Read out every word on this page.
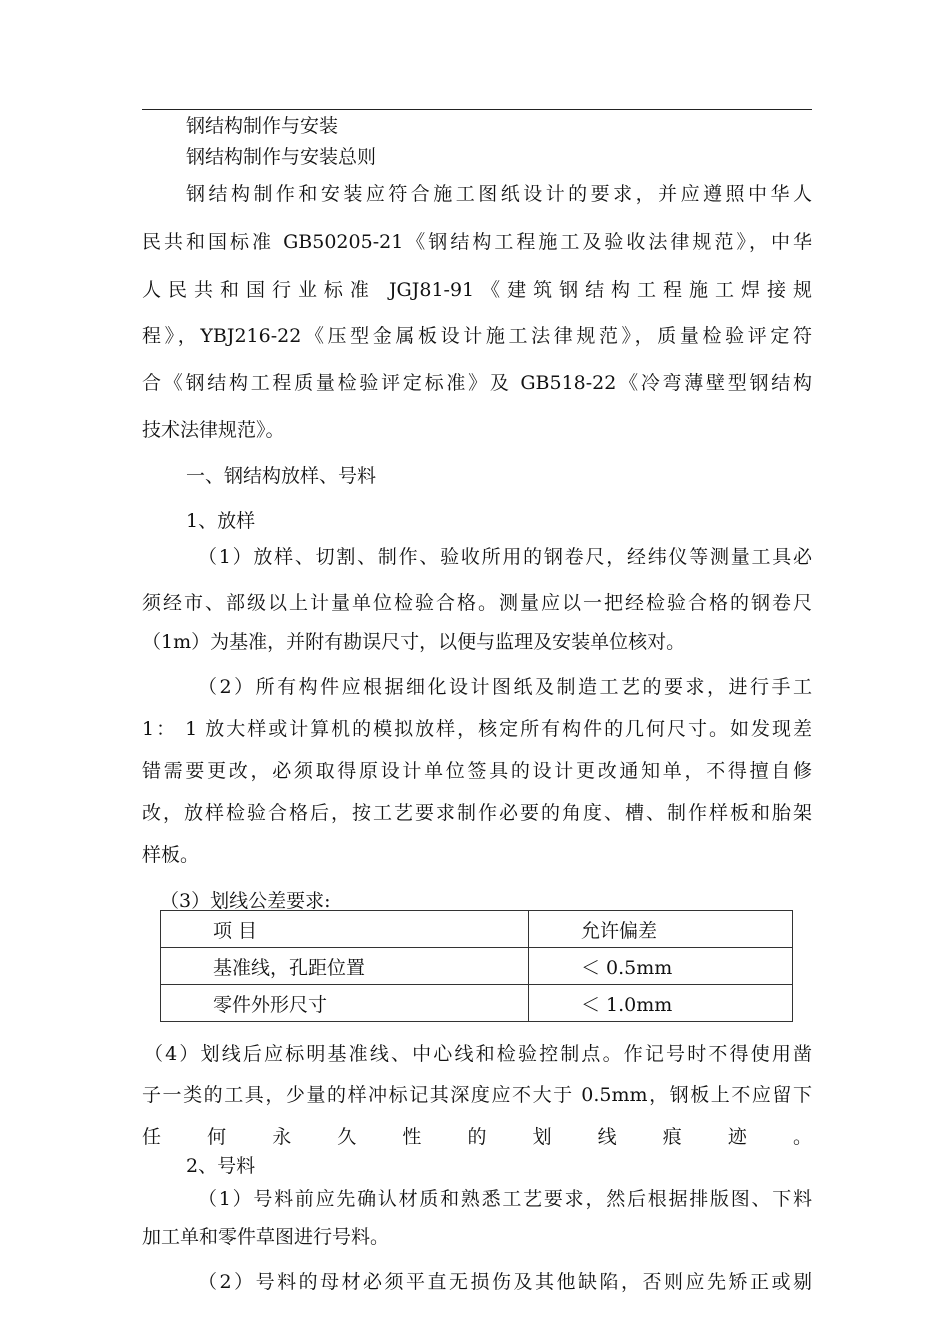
钢结构制作与安装
钢结构制作与安装总则
钢结构制作和安装应符合施工图纸设计的要求，并应遵照中华人
民共和国标准 GB50205-21《钢结构工程施工及验收法律规范》，中华
人民共和国行业标准 JGJ81-91《建筑钢结构工程施工焊接规
程》，YBJ216-22《压型金属板设计施工法律规范》，质量检验评定符
合《钢结构工程质量检验评定标准》及 GB518-22《冷弯薄壁型钢结构
技术法律规范》。
一、钢结构放样、号料
1、放样
（1）放样、切割、制作、验收所用的钢卷尺，经纬仪等测量工具必
须经市、部级以上计量单位检验合格。测量应以一把经检验合格的钢卷尺
（1m）为基准，并附有勘误尺寸，以便与监理及安装单位核对。
（2）所有构件应根据细化设计图纸及制造工艺的要求，进行手工
1： 1 放大样或计算机的模拟放样，核定所有构件的几何尺寸。如发现差
错需要更改，必须取得原设计单位签具的设计更改通知单，不得擅自修
改，放样检验合格后，按工艺要求制作必要的角度、槽、制作样板和胎架
样板。
（3）划线公差要求:
项 目	允许偏差
基准线，孔距位置	＜ 0.5mm
零件外形尺寸	＜ 1.0mm
（4）划线后应标明基准线、中心线和检验控制点。作记号时不得使用凿
子一类的工具，少量的样冲标记其深度应不大于 0.5mm，钢板上不应留下
任 何 永 久 性 的 划 线 痕 迹 。
2、号料
（1）号料前应先确认材质和熟悉工艺要求，然后根据排版图、下料
加工单和零件草图进行号料。
（2）号料的母材必须平直无损伤及其他缺陷，否则应先矫正或剔
